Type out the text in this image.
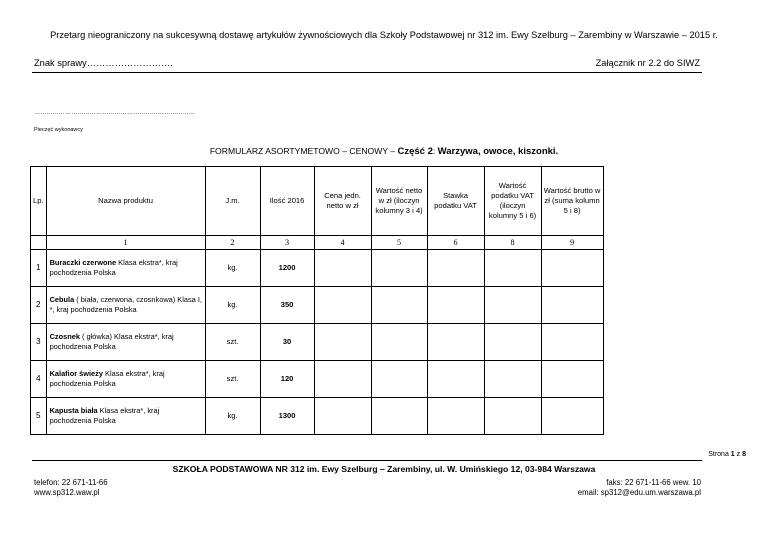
Przetarg nieograniczony na sukcesywną dostawę artykułów żywnościowych dla Szkoły Podstawowej nr 312 im. Ewy Szelburg – Zarembiny w Warszawie – 2015 r.
Znak sprawy……………………….	Załącznik nr 2.2 do SIWZ
……………………………………………………………………
Pieczęć wykonawcy
FORMULARZ ASORTYMETOWO – CENOWY – Część 2: Warzywa, owoce, kiszonki.
Lp.	Nazwa produktu	J.m.	Ilość 2016	Cena jedn. netto w zł	Wartość netto w zł (iloczyn kolumny 3 i 4)	Stawka podatku VAT	Wartość podatku VAT (iloczyn kolumny 5 i 6)	Wartość brutto w zł (suma kolumn 5 i 8)
	1	2	3	4	5	6	8	9
1	Buraczki czerwone Klasa ekstra*, kraj pochodzenia Polska	kg.	1200					
2	Cebula ( biała, czerwona, czosnkowa) Klasa I, *, kraj pochodzenia Polska	kg.	350					
3	Czosnek ( główka) Klasa ekstra*, kraj pochodzenia Polska	szt.	30					
4	Kalafior świeży Klasa ekstra*, kraj pochodzenia Polska	szt.	120					
5	Kapusta biała Klasa ekstra*, kraj pochodzenia Polska	kg.	1300					
Strona 1 z 8
SZKOŁA PODSTAWOWA NR 312 im. Ewy Szelburg – Zarembiny, ul. W. Umińskiego 12, 03-984 Warszawa
telefon: 22 671-11-66
www.sp312.waw.pl
faks: 22 671-11-66 wew. 10
email: sp312@edu.um.warszawa.pl
